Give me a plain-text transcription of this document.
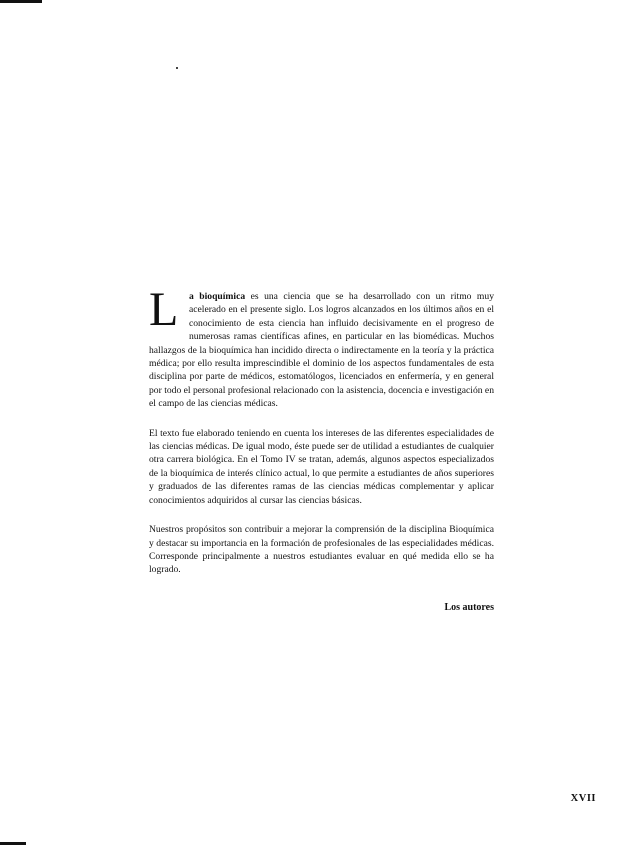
L a bioquímica es una ciencia que se ha desarrollado con un ritmo muy acelerado en el presente siglo. Los logros alcanzados en los últimos años en el conocimiento de esta ciencia han influido decisivamente en el progreso de numerosas ramas científicas afines, en particular en las biomédicas. Muchos hallazgos de la bioquímica han incidido directa o indirectamente en la teoría y la práctica médica; por ello resulta imprescindible el dominio de los aspectos fundamentales de esta disciplina por parte de médicos, estomatólogos, licenciados en enfermería, y en general por todo el personal profesional relacionado con la asistencia, docencia e investigación en el campo de las ciencias médicas.

El texto fue elaborado teniendo en cuenta los intereses de las diferentes especialidades de las ciencias médicas. De igual modo, éste puede ser de utilidad a estudiantes de cualquier otra carrera biológica. En el Tomo IV se tratan, además, algunos aspectos especializados de la bioquímica de interés clínico actual, lo que permite a estudiantes de años superiores y graduados de las diferentes ramas de las ciencias médicas complementar y aplicar conocimientos adquiridos al cursar las ciencias básicas.

Nuestros propósitos son contribuir a mejorar la comprensión de la disciplina Bioquímica y destacar su importancia en la formación de profesionales de las especialidades médicas. Corresponde principalmente a nuestros estudiantes evaluar en qué medida ello se ha logrado.

Los autores
XVII
